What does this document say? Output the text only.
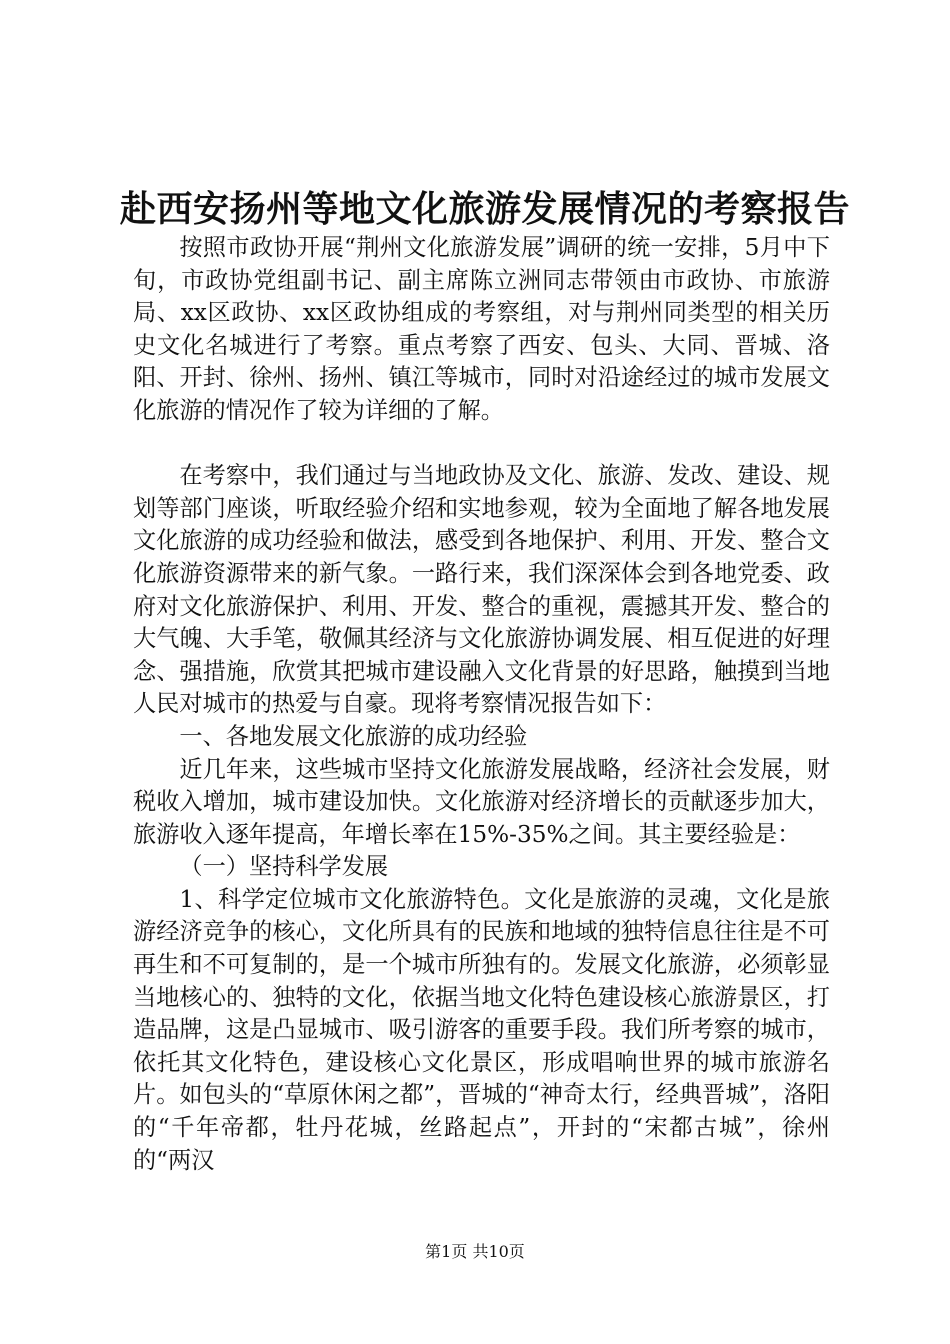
赴西安扬州等地文化旅游发展情况的考察报告

按照市政协开展“荆州文化旅游发展”调研的统一安排，5月中下旬，市政协党组副书记、副主席陈立洲同志带领由市政协、市旅游局、xx区政协、xx区政协组成的考察组，对与荆州同类型的相关历史文化名城进行了考察。重点考察了西安、包头、大同、晋城、洛阳、开封、徐州、扬州、镇江等城市，同时对沿途经过的城市发展文化旅游的情况作了较为详细的了解。

在考察中，我们通过与当地政协及文化、旅游、发改、建设、规划等部门座谈，听取经验介绍和实地参观，较为全面地了解各地发展文化旅游的成功经验和做法，感受到各地保护、利用、开发、整合文化旅游资源带来的新气象。一路行来，我们深深体会到各地党委、政府对文化旅游保护、利用、开发、整合的重视，震撼其开发、整合的大气魄、大手笔，敬佩其经济与文化旅游协调发展、相互促进的好理念、强措施，欣赏其把城市建设融入文化背景的好思路，触摸到当地人民对城市的热爱与自豪。现将考察情况报告如下：

一、各地发展文化旅游的成功经验

近几年来，这些城市坚持文化旅游发展战略，经济社会发展，财税收入增加，城市建设加快。文化旅游对经济增长的贡献逐步加大，旅游收入逐年提高，年增长率在15%-35%之间。其主要经验是：

（一）坚持科学发展

1、科学定位城市文化旅游特色。文化是旅游的灵魂，文化是旅游经济竞争的核心，文化所具有的民族和地域的独特信息往往是不可再生和不可复制的，是一个城市所独有的。发展文化旅游，必须彰显当地核心的、独特的文化，依据当地文化特色建设核心旅游景区，打造品牌，这是凸显城市、吸引游客的重要手段。我们所考察的城市，依托其文化特色，建设核心文化景区，形成唱响世界的城市旅游名片。如包头的“草原休闲之都”，晋城的“神奇太行，经典晋城”，洛阳的“千年帝都，牡丹花城，丝路起点”，开封的“宋都古城”，徐州的“两汉

第1页 共10页
